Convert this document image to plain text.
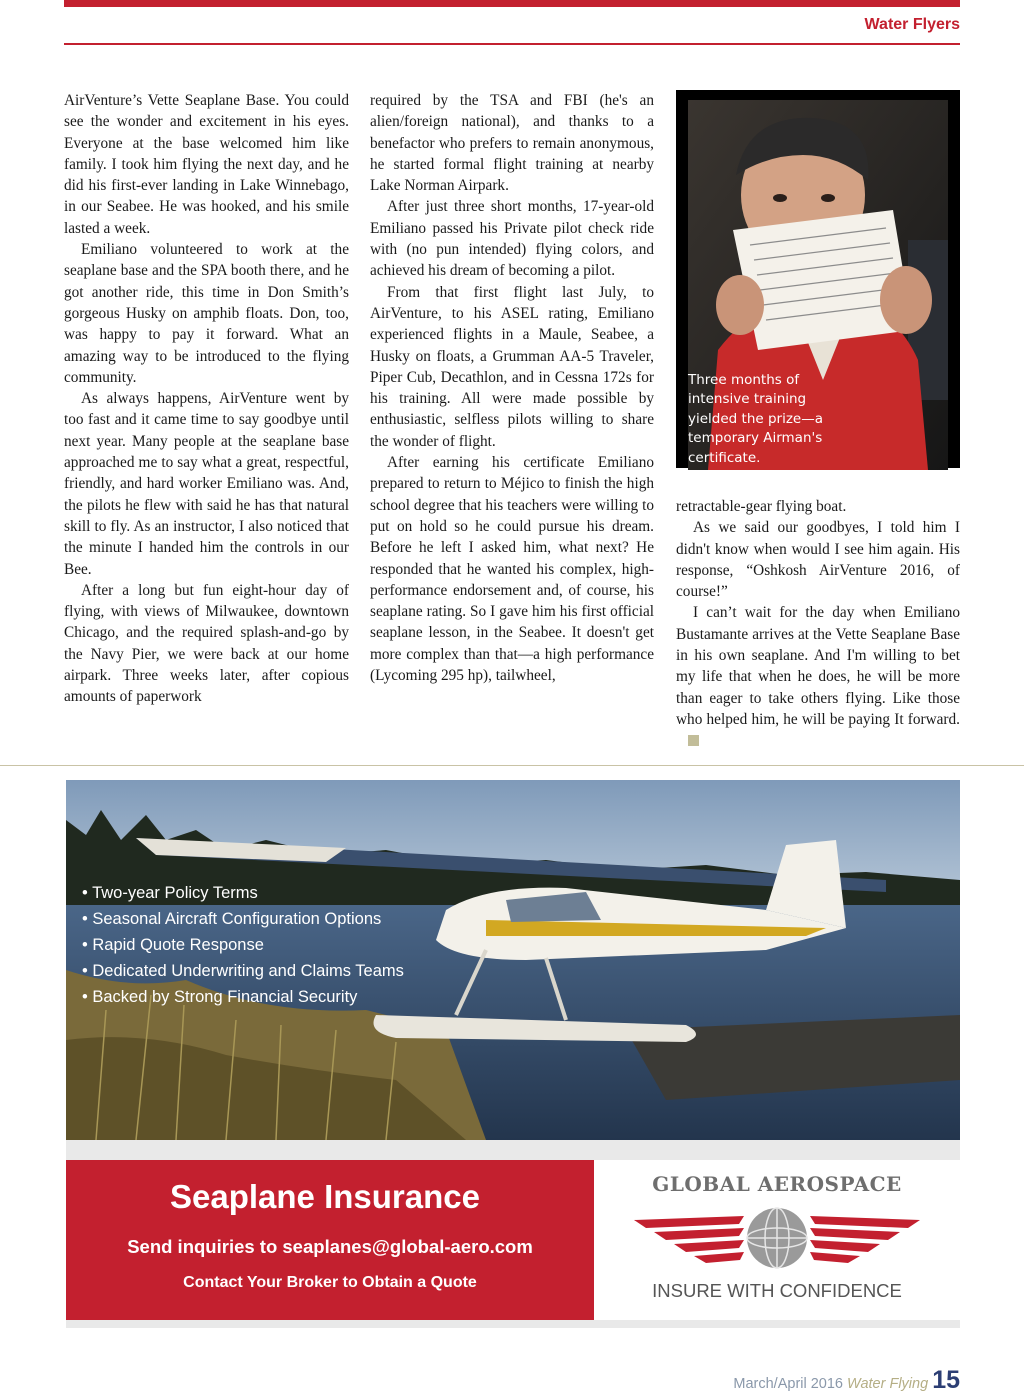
Water Flyers

AirVenture’s Vette Seaplane Base. You could see the wonder and excitement in his eyes. Everyone at the base welcomed him like family. I took him flying the next day, and he did his first-ever landing in Lake Winnebago, in our Seabee. He was hooked, and his smile lasted a week.

Emiliano volunteered to work at the seaplane base and the SPA booth there, and he got another ride, this time in Don Smith’s gorgeous Husky on amphib floats. Don, too, was happy to pay it forward. What an amazing way to be introduced to the flying community.

As always happens, AirVenture went by too fast and it came time to say goodbye until next year. Many people at the seaplane base approached me to say what a great, respectful, friendly, and hard worker Emiliano was. And, the pilots he flew with said he has that natural skill to fly. As an instructor, I also noticed that the minute I handed him the controls in our Bee.

After a long but fun eight-hour day of flying, with views of Milwaukee, downtown Chicago, and the required splash-and-go by the Navy Pier, we were back at our home airpark. Three weeks later, after copious amounts of paperwork

required by the TSA and FBI (he's an alien/foreign national), and thanks to a benefactor who prefers to remain anonymous, he started formal flight training at nearby Lake Norman Airpark.

After just three short months, 17-year-old Emiliano passed his Private pilot check ride with (no pun intended) flying colors, and achieved his dream of becoming a pilot.

From that first flight last July, to AirVenture, to his ASEL rating, Emiliano experienced flights in a Maule, Seabee, a Husky on floats, a Grumman AA-5 Traveler, Piper Cub, Decathlon, and in Cessna 172s for his training. All were made possible by enthusiastic, selfless pilots willing to share the wonder of flight.

After earning his certificate Emiliano prepared to return to Méjico to finish the high school degree that his teachers were willing to put on hold so he could pursue his dream. Before he left I asked him, what next? He responded that he wanted his complex, high-performance endorsement and, of course, his seaplane rating. So I gave him his first official seaplane lesson, in the Seabee. It doesn't get more complex than that—a high performance (Lycoming 295 hp), tailwheel,

Three months of intensive training yielded the prize—a temporary Airman's certificate.

retractable-gear flying boat.

As we said our goodbyes, I told him I didn't know when would I see him again. His response, “Oshkosh AirVenture 2016, of course!”

I can’t wait for the day when Emiliano Bustamante arrives at the Vette Seaplane Base in his own seaplane. And I'm willing to bet my life that when he does, he will be more than eager to take others flying. Like those who helped him, he will be paying It forward.

• Two-year Policy Terms
• Seasonal Aircraft Configuration Options
• Rapid Quote Response
• Dedicated Underwriting and Claims Teams
• Backed by Strong Financial Security
Seaplane Insurance
Send inquiries to seaplanes@global-aero.com
Contact Your Broker to Obtain a Quote
GLOBAL AEROSPACE
INSURE WITH CONFIDENCE
March/April 2016 Water Flying 15
